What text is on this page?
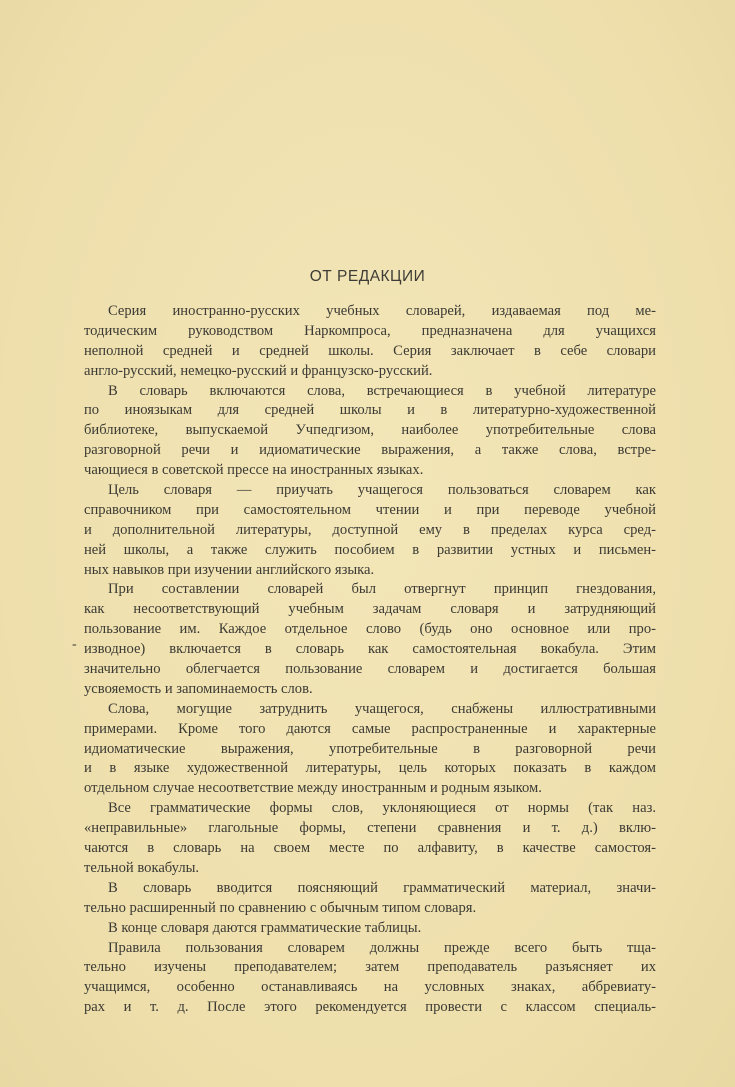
ОТ РЕДАКЦИИ
-
Серия иностранно-русских учебных словарей, издаваемая под ме-
тодическим руководством Наркомпроса, предназначена для учащихся
неполной средней и средней школы. Серия заключает в себе словари
англо-русский, немецко-русский и французско-русский.
В словарь включаются слова, встречающиеся в учебной литературе
по иноязыкам для средней школы и в литературно-художественной
библиотеке, выпускаемой Учпедгизом, наиболее употребительные слова
разговорной речи и идиоматические выражения, а также слова, встре-
чающиеся в советской прессе на иностранных языках.
Цель словаря — приучать учащегося пользоваться словарем как
справочником при самостоятельном чтении и при переводе учебной
и дополнительной литературы, доступной ему в пределах курса сред-
ней школы, а также служить пособием в развитии устных и письмен-
ных навыков при изучении английского языка.
При составлении словарей был отвергнут принцип гнездования,
как несоответствующий учебным задачам словаря и затрудняющий
пользование им. Каждое отдельное слово (будь оно основное или про-
изводное) включается в словарь как самостоятельная вокабула. Этим
значительно облегчается пользование словарем и достигается большая
усвояемость и запоминаемость слов.
Слова, могущие затруднить учащегося, снабжены иллюстративными
примерами. Кроме того даются самые распространенные и характерные
идиоматические выражения, употребительные в разговорной речи
и в языке художественной литературы, цель которых показать в каждом
отдельном случае несоответствие между иностранным и родным языком.
Все грамматические формы слов, уклоняющиеся от нормы (так наз.
«неправильные» глагольные формы, степени сравнения и т. д.) вклю-
чаются в словарь на своем месте по алфавиту, в качестве самостоя-
тельной вокабулы.
В словарь вводится поясняющий грамматический материал, значи-
тельно расширенный по сравнению с обычным типом словаря.
В конце словаря даются грамматические таблицы.
Правила пользования словарем должны прежде всего быть тща-
тельно изучены преподавателем; затем преподаватель разъясняет их
учащимся, особенно останавливаясь на условных знаках, аббревиату-
рах и т. д. После этого рекомендуется провести с классом специаль-
